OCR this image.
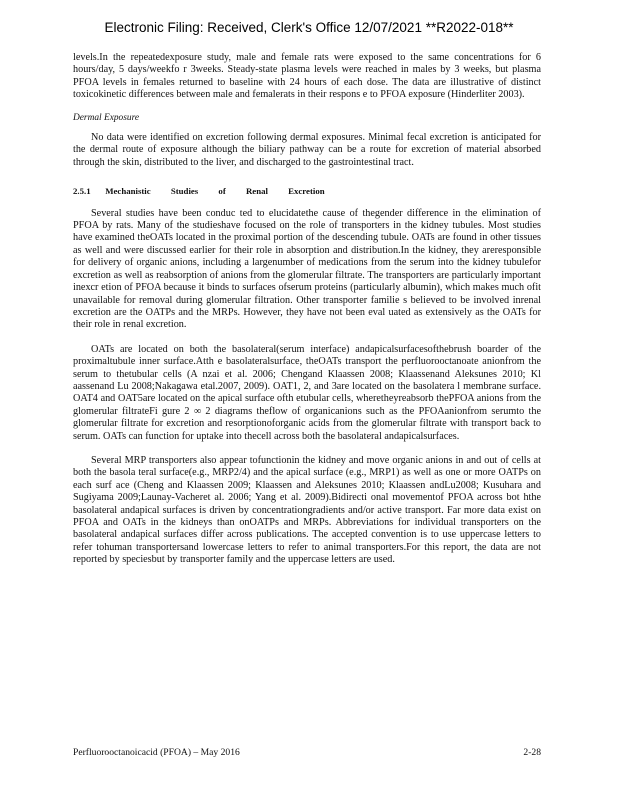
Electronic Filing: Received, Clerk's Office 12/07/2021 **R2022-018**

levels.In the repeatedexposure study, male and female rats were exposed to the same concentrations for 6 hours/day, 5 days/weekfo r 3weeks. Steady-state plasma levels were reached in males by 3 weeks, but plasma PFOA levels in females returned to baseline with 24 hours of each dose. The data are illustrative of distinct toxicokinetic differences between male and femalerats in their respons e to PFOA exposure (Hinderliter 2003).

Dermal Exposure

No data were identified on excretion following dermal exposures. Minimal fecal excretion is anticipated for the dermal route of exposure although the biliary pathway can be a route for excretion of material absorbed through the skin, distributed to the liver, and discharged to the gastrointestinal tract.

2.5.1 Mechanistic Studies of Renal Excretion

Several studies have been conduc ted to elucidatethe cause of thegender difference in the elimination of PFOA by rats. Many of the studieshave focused on the role of transporters in the kidney tubules. Most studies have examined theOATs located in the proximal portion of the descending tubule. OATs are found in other tissues as well and were discussed earlier for their role in absorption and distribution.In the kidney, they areresponsible for delivery of organic anions, including a largenumber of medications from the serum into the kidney tubulefor excretion as well as reabsorption of anions from the glomerular filtrate. The transporters are particularly important inexcr etion of PFOA because it binds to surfaces ofserum proteins (particularly albumin), which makes much ofit unavailable for removal during glomerular filtration. Other transporter familie s believed to be involved inrenal excretion are the OATPs and the MRPs. However, they have not been eval uated as extensively as the OATs for their role in renal excretion.

OATs are located on both the basolateral(serum interface) andapicalsurfacesofthebrush boarder of the proximaltubule inner surface.Atth e basolateralsurface, theOATs transport the perfluorooctanoate anionfrom the serum to thetubular cells (A nzai et al. 2006; Chengand Klaassen 2008; Klaassenand Aleksunes 2010; Kl aassenand Lu 2008;Nakagawa etal.2007, 2009). OAT1, 2, and 3are located on the basolatera l membrane surface. OAT4 and OAT5are located on the apical surface ofth etubular cells, wheretheyreabsorb thePFOA anions from the glomerular filtrateFi gure 2 ∞ 2 diagrams theflow of organicanions such as the PFOAanionfrom serumto the glomerular filtrate for excretion and resorptionoforganic acids from the glomerular filtrate with transport back to serum. OATs can function for uptake into thecell across both the basolateral andapicalsurfaces.

Several MRP transporters also appear tofunctionin the kidney and move organic anions in and out of cells at both the basola teral surface(e.g., MRP2/4) and the apical surface (e.g., MRP1) as well as one or more OATPs on each surf ace (Cheng and Klaassen 2009; Klaassen and Aleksunes 2010; Klaassen andLu2008; Kusuhara and Sugiyama 2009;Launay-Vacheret al. 2006; Yang et al. 2009).Bidirecti onal movementof PFOA across bot hthe basolateral andapical surfaces is driven by concentrationgradients and/or active transport. Far more data exist on PFOA and OATs in the kidneys than onOATPs and MRPs. Abbreviations for individual transporters on the basolateral andapical surfaces differ across publications. The accepted convention is to use uppercase letters to refer tohuman transportersand lowercase letters to refer to animal transporters.For this report, the data are not reported by speciesbut by transporter family and the uppercase letters are used.

Perfluorooctanoicacid (PFOA) – May 2016	2-28
